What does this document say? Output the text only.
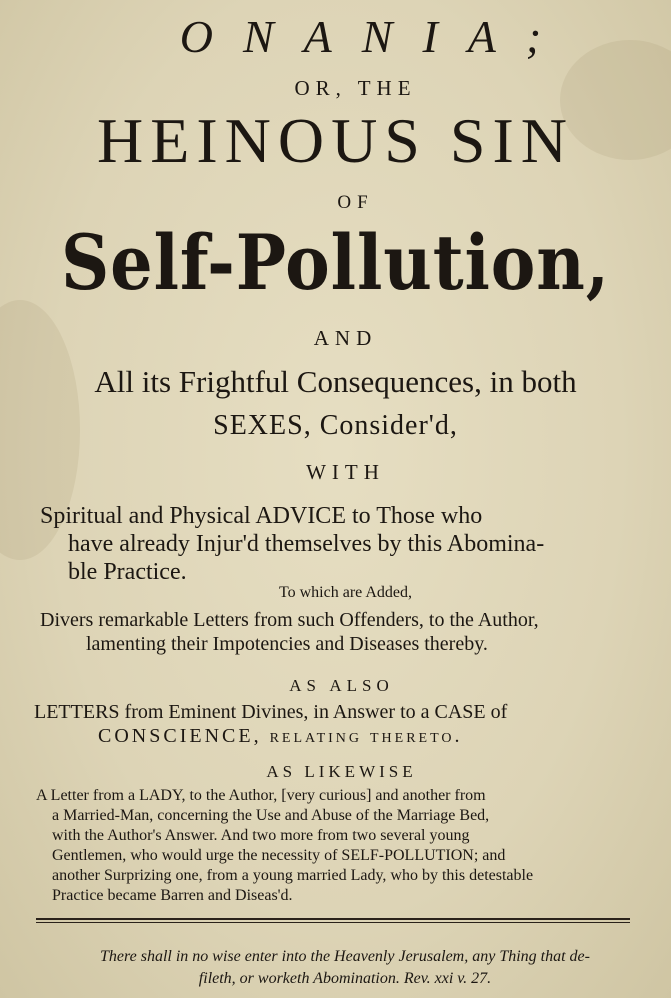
ONANIA;
OR, THE
HEINOUS SIN
OF
Self-Pollution,
AND
All its Frightful Consequences, in both
SEXES, Consider'd,
WITH
Spiritual and Physical ADVICE to Those who
have already Injur'd themselves by this Abomina-
ble Practice.
To which are Added,
Divers remarkable Letters from such Offenders, to the Author,
lamenting their Impotencies and Diseases thereby.
AS ALSO
LETTERS from Eminent Divines, in Answer to a CASE of
CONSCIENCE, relating thereto.
AS LIKEWISE
A Letter from a LADY, to the Author, [very curious] and another from
a Married-Man, concerning the Use and Abuse of the Marriage Bed,
with the Author's Answer. And two more from two several young
Gentlemen, who would urge the necessity of SELF-POLLUTION; and
another Surprizing one, from a young married Lady, who by this detestable
Practice became Barren and Diseas'd.
There shall in no wise enter into the Heavenly Jerusalem, any Thing that de-
fileth, or worketh Abomination. Rev. xxi v. 27.
